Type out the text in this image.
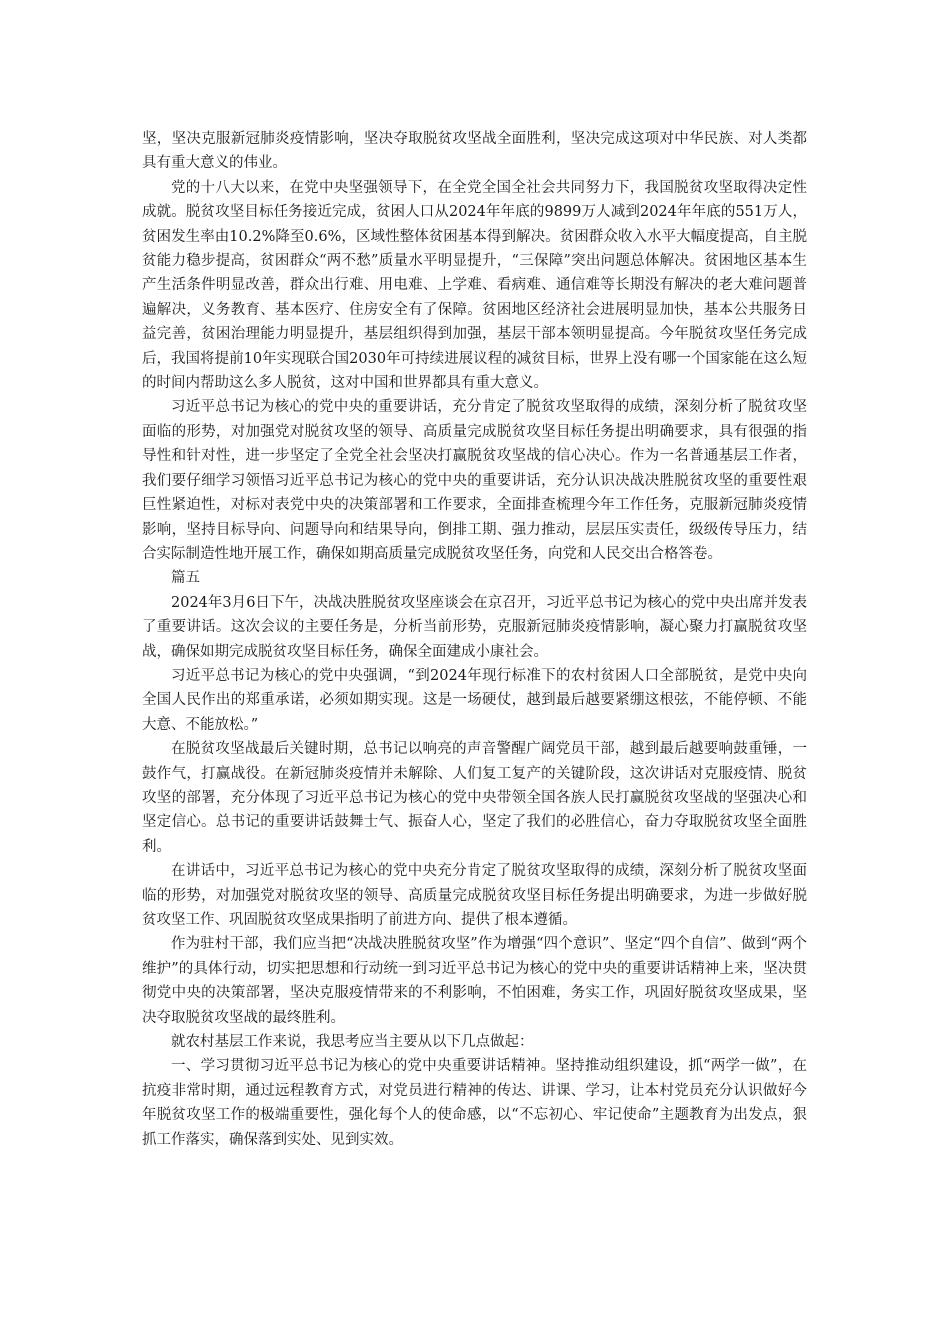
坚，坚决克服新冠肺炎疫情影响，坚决夺取脱贫攻坚战全面胜利，坚决完成这项对中华民族、对人类都具有重大意义的伟业。

党的十八大以来，在党中央坚强领导下，在全党全国全社会共同努力下，我国脱贫攻坚取得决定性成就。脱贫攻坚目标任务接近完成，贫困人口从2024年年底的9899万人减到2024年年底的551万人，贫困发生率由10.2%降至0.6%，区域性整体贫困基本得到解决。贫困群众收入水平大幅度提高，自主脱贫能力稳步提高，贫困群众“两不愁”质量水平明显提升，“三保障”突出问题总体解决。贫困地区基本生产生活条件明显改善，群众出行难、用电难、上学难、看病难、通信难等长期没有解决的老大难问题普遍解决，义务教育、基本医疗、住房安全有了保障。贫困地区经济社会进展明显加快，基本公共服务日益完善，贫困治理能力明显提升，基层组织得到加强，基层干部本领明显提高。今年脱贫攻坚任务完成后，我国将提前10年实现联合国2030年可持续进展议程的减贫目标，世界上没有哪一个国家能在这么短的时间内帮助这么多人脱贫，这对中国和世界都具有重大意义。

习近平总书记为核心的党中央的重要讲话，充分肯定了脱贫攻坚取得的成绩，深刻分析了脱贫攻坚面临的形势，对加强党对脱贫攻坚的领导、高质量完成脱贫攻坚目标任务提出明确要求，具有很强的指导性和针对性，进一步坚定了全党全社会坚决打赢脱贫攻坚战的信心决心。作为一名普通基层工作者，我们要仔细学习领悟习近平总书记为核心的党中央的重要讲话，充分认识决战决胜脱贫攻坚的重要性艰巨性紧迫性，对标对表党中央的决策部署和工作要求，全面排查梳理今年工作任务，克服新冠肺炎疫情影响，坚持目标导向、问题导向和结果导向，倒排工期、强力推动，层层压实责任，级级传导压力，结合实际制造性地开展工作，确保如期高质量完成脱贫攻坚任务，向党和人民交出合格答卷。

篇五

2024年3月6日下午，决战决胜脱贫攻坚座谈会在京召开，习近平总书记为核心的党中央出席并发表了重要讲话。这次会议的主要任务是，分析当前形势，克服新冠肺炎疫情影响，凝心聚力打赢脱贫攻坚战，确保如期完成脱贫攻坚目标任务，确保全面建成小康社会。

习近平总书记为核心的党中央强调，“到2024年现行标准下的农村贫困人口全部脱贫，是党中央向全国人民作出的郑重承诺，必须如期实现。这是一场硬仗，越到最后越要紧绷这根弦，不能停顿、不能大意、不能放松。”

在脱贫攻坚战最后关键时期，总书记以响亮的声音警醒广阔党员干部，越到最后越要响鼓重锤，一鼓作气，打赢战役。在新冠肺炎疫情并未解除、人们复工复产的关键阶段，这次讲话对克服疫情、脱贫攻坚的部署，充分体现了习近平总书记为核心的党中央带领全国各族人民打赢脱贫攻坚战的坚强决心和坚定信心。总书记的重要讲话鼓舞士气、振奋人心，坚定了我们的必胜信心，奋力夺取脱贫攻坚全面胜利。

在讲话中，习近平总书记为核心的党中央充分肯定了脱贫攻坚取得的成绩，深刻分析了脱贫攻坚面临的形势，对加强党对脱贫攻坚的领导、高质量完成脱贫攻坚目标任务提出明确要求，为进一步做好脱贫攻坚工作、巩固脱贫攻坚成果指明了前进方向、提供了根本遵循。

作为驻村干部，我们应当把“决战决胜脱贫攻坚”作为增强“四个意识”、坚定“四个自信”、做到“两个维护”的具体行动，切实把思想和行动统一到习近平总书记为核心的党中央的重要讲话精神上来，坚决贯彻党中央的决策部署，坚决克服疫情带来的不利影响，不怕困难，务实工作，巩固好脱贫攻坚成果，坚决夺取脱贫攻坚战的最终胜利。

就农村基层工作来说，我思考应当主要从以下几点做起：

一、学习贯彻习近平总书记为核心的党中央重要讲话精神。坚持推动组织建设，抓“两学一做”，在抗疫非常时期，通过远程教育方式，对党员进行精神的传达、讲课、学习，让本村党员充分认识做好今年脱贫攻坚工作的极端重要性，强化每个人的使命感，以“不忘初心、牢记使命”主题教育为出发点，狠抓工作落实，确保落到实处、见到实效。
